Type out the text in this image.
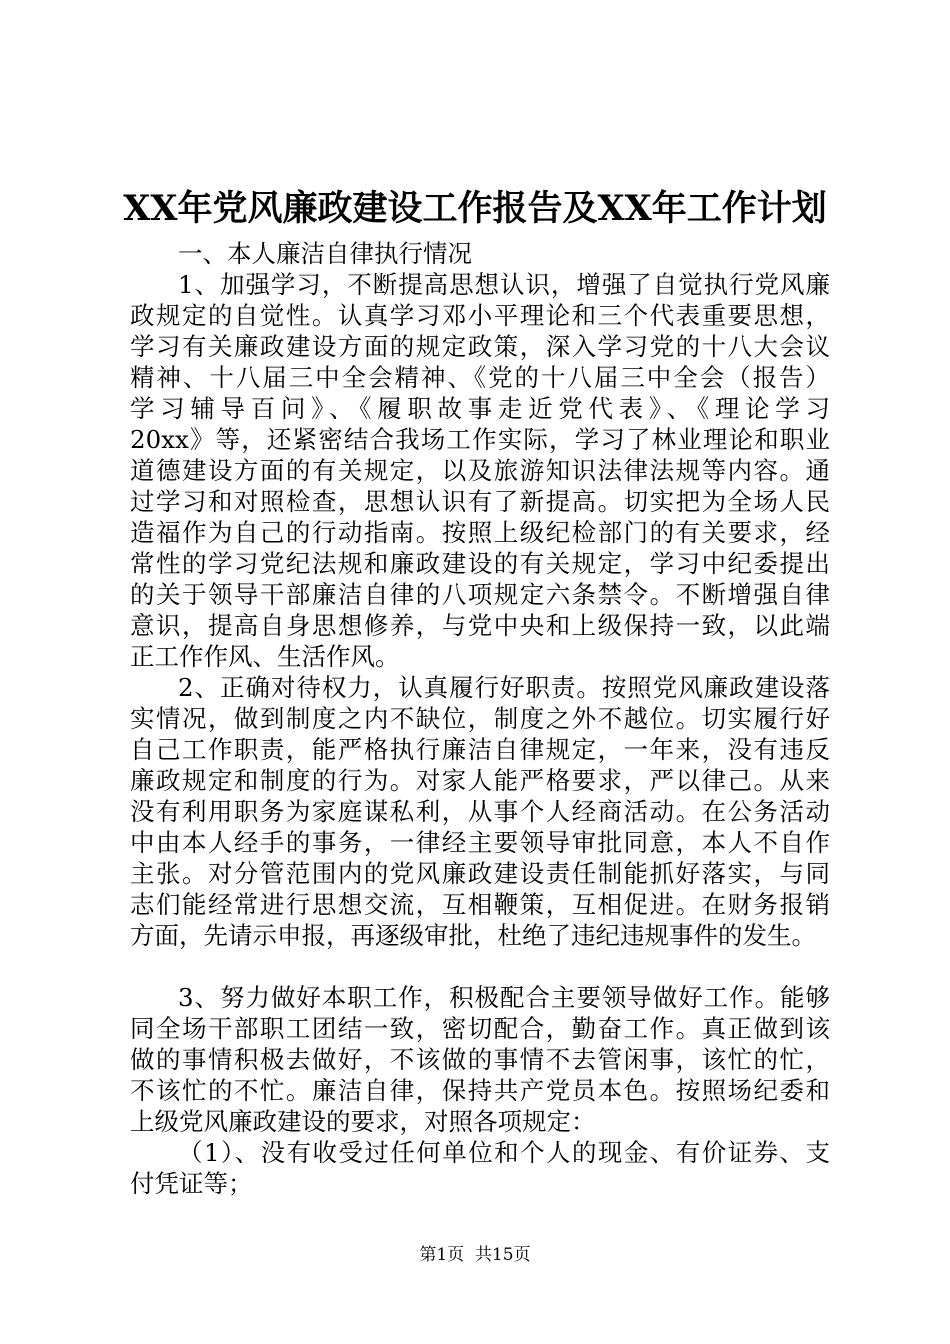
XX年党风廉政建设工作报告及XX年工作计划
一、本人廉洁自律执行情况
1、加强学习，不断提高思想认识，增强了自觉执行党风廉
政规定的自觉性。认真学习邓小平理论和三个代表重要思想，
学习有关廉政建设方面的规定政策，深入学习党的十八大会议
精神、十八届三中全会精神、《党的十八届三中全会（报告）
学习辅导百问》、《履职故事走近党代表》、《理论学习
20xx》等，还紧密结合我场工作实际，学习了林业理论和职业
道德建设方面的有关规定，以及旅游知识法律法规等内容。通
过学习和对照检查，思想认识有了新提高。切实把为全场人民
造福作为自己的行动指南。按照上级纪检部门的有关要求，经
常性的学习党纪法规和廉政建设的有关规定，学习中纪委提出
的关于领导干部廉洁自律的八项规定六条禁令。不断增强自律
意识，提高自身思想修养，与党中央和上级保持一致，以此端
正工作作风、生活作风。
2、正确对待权力，认真履行好职责。按照党风廉政建设落
实情况，做到制度之内不缺位，制度之外不越位。切实履行好
自己工作职责，能严格执行廉洁自律规定，一年来，没有违反
廉政规定和制度的行为。对家人能严格要求，严以律己。从来
没有利用职务为家庭谋私利，从事个人经商活动。在公务活动
中由本人经手的事务，一律经主要领导审批同意，本人不自作
主张。对分管范围内的党风廉政建设责任制能抓好落实，与同
志们能经常进行思想交流，互相鞭策，互相促进。在财务报销
方面，先请示申报，再逐级审批，杜绝了违纪违规事件的发生。
3、努力做好本职工作，积极配合主要领导做好工作。能够
同全场干部职工团结一致，密切配合，勤奋工作。真正做到该
做的事情积极去做好，不该做的事情不去管闲事，该忙的忙，
不该忙的不忙。廉洁自律，保持共产党员本色。按照场纪委和
上级党风廉政建设的要求，对照各项规定：
（1）、没有收受过任何单位和个人的现金、有价证券、支
付凭证等；
第1页  共15页
